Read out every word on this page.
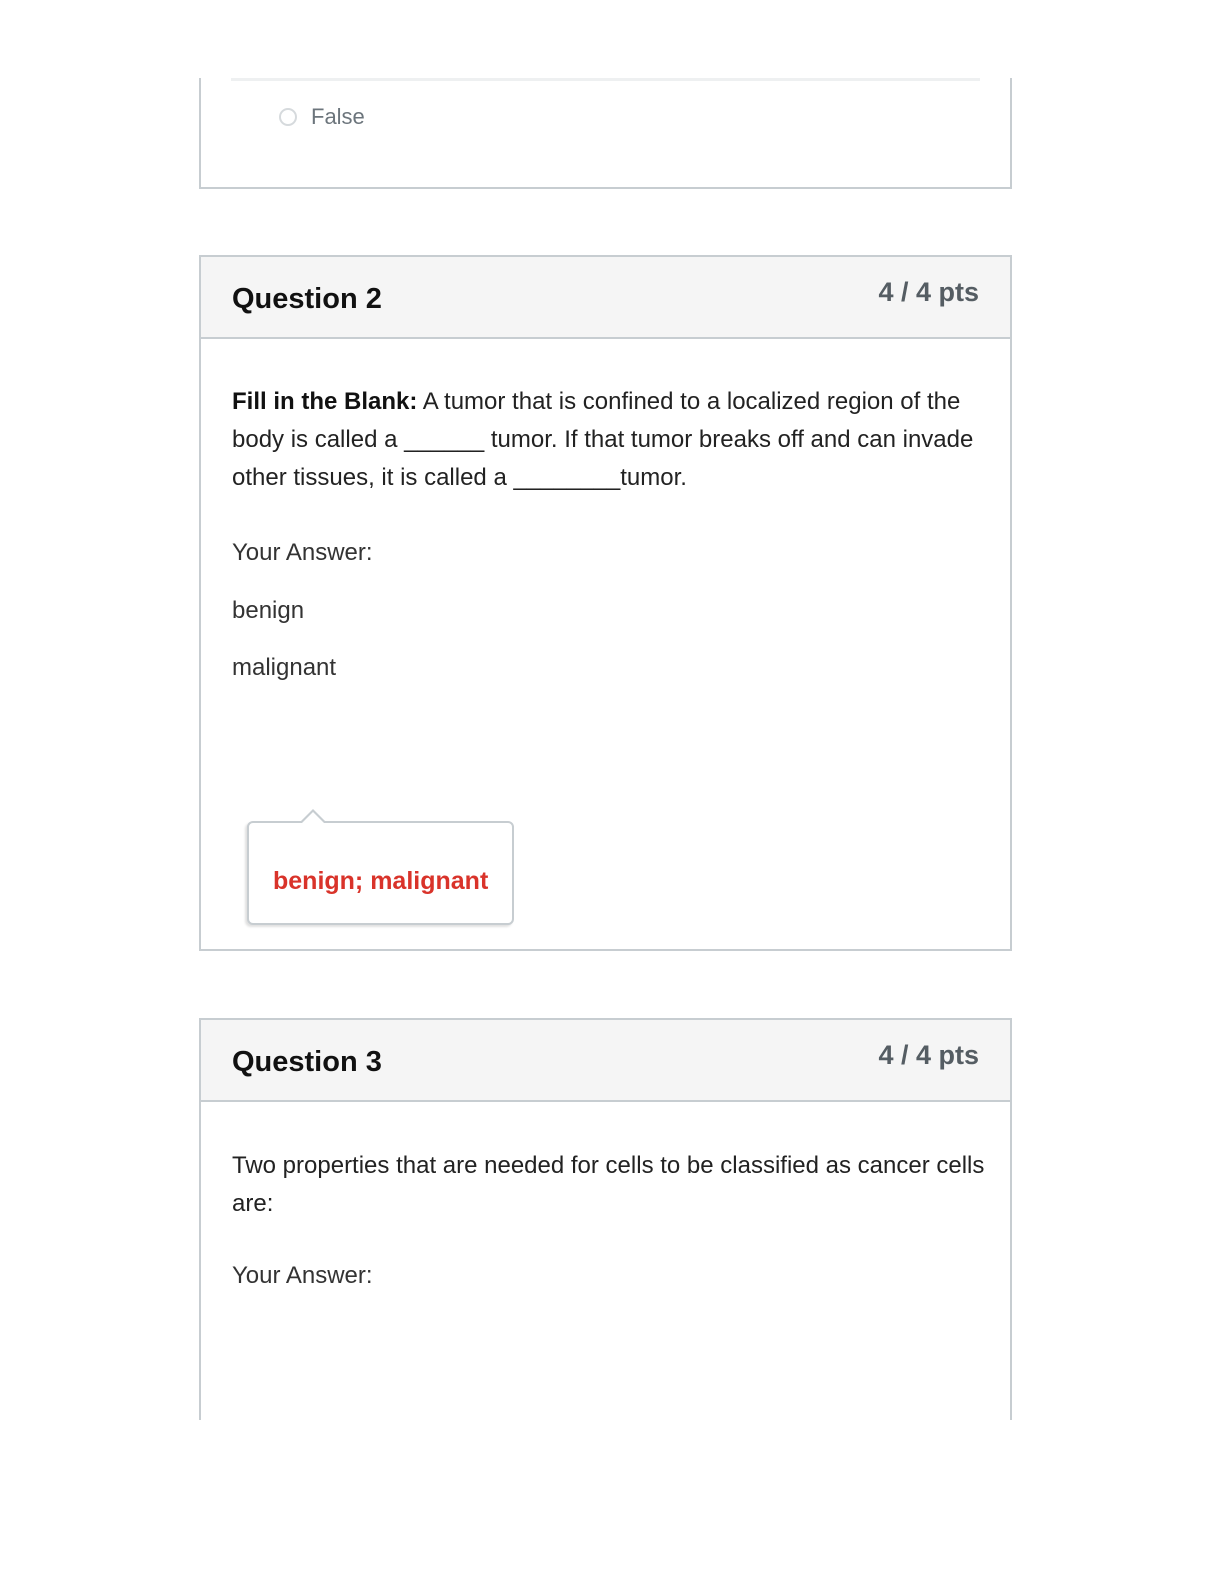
False
Question 2	4 / 4 pts

Fill in the Blank: A tumor that is confined to a localized region of the body is called a ______ tumor. If that tumor breaks off and can invade other tissues, it is called a ________tumor.

Your Answer:
benign
malignant
benign; malignant
Question 3	4 / 4 pts

Two properties that are needed for cells to be classified as cancer cells are:

Your Answer:
